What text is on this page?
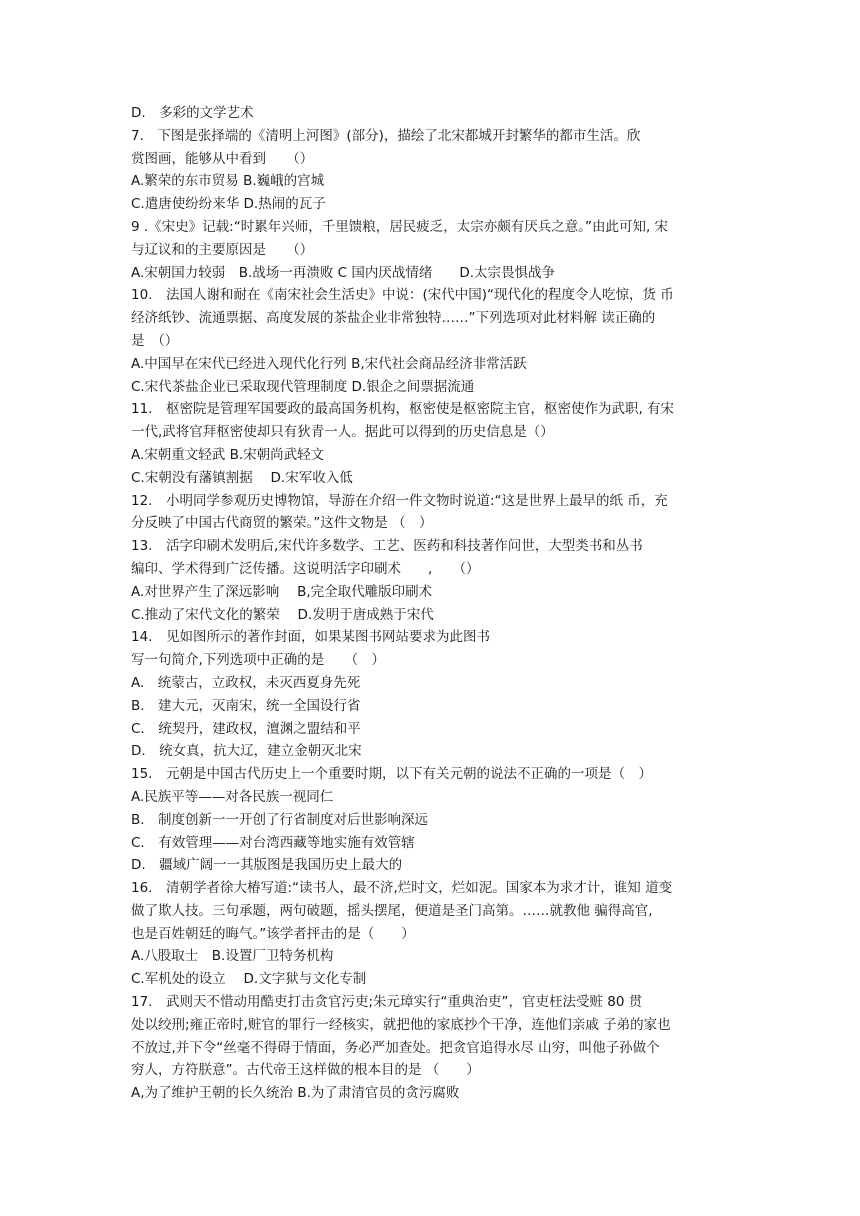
D.　多彩的文学艺术
7.　下图是张择端的《清明上河图》(部分)，描绘了北宋都城开封繁华的都市生活。欣
赏图画，能够从中看到　　（）
A.繁荣的东市贸易 B.巍峨的宫城
C.遣唐使纷纷来华 D.热闹的瓦子
9 .《宋史》记载:“时累年兴师，千里馈粮，居民疲乏，太宗亦颇有厌兵之意。”由此可知, 宋
与辽议和的主要原因是　　（）
A.宋朝国力较弱　B.战场一再溃败 C 国内厌战情绪　　D.太宗畏惧战争
10.　法国人谢和耐在《南宋社会生活史》中说：(宋代中国)“现代化的程度令人吃惊，货 币
经济纸钞、流通票据、高度发展的茶盐企业非常独特……”下列选项对此材料解 读正确的
是　（）
A.中国早在宋代已经进入现代化行列 B,宋代社会商品经济非常活跃
C.宋代茶盐企业已采取现代管理制度 D.银企之间票据流通
11.　枢密院是管理军国要政的最高国务机构，枢密使是枢密院主官，枢密使作为武职, 有宋
一代,武将官拜枢密使却只有狄青一人。据此可以得到的历史信息是（）
A.宋朝重文轻武 B.宋朝尚武轻文
C.宋朝没有藩镇割据　 D.宋军收入低
12.　小明同学参观历史博物馆，导游在介绍一件文物时说道:“这是世界上最早的纸 币，充
分反映了中国古代商贸的繁荣。”这件文物是 （　）
13.　活字印刷术发明后,宋代许多数学、工艺、医药和科技著作问世，大型类书和丛书
编印、学术得到广泛传播。这说明活字印刷术　　,　　（）
A.对世界产生了深远影响　 B,完全取代雕版印刷术
C.推动了宋代文化的繁荣　 D.发明于唐成熟于宋代
14.　见如图所示的著作封面，如果某图书网站要求为此图书
写一句简介,下列选项中正确的是　　（　）
A.　统蒙古，立政权，未灭西夏身先死
B.　建大元，灭南宋，统一全国设行省
C.　统契丹，建政权，澶渊之盟结和平
D.　统女真，抗大辽，建立金朝灭北宋
15.　元朝是中国古代历史上一个重要时期，以下有关元朝的说法不正确的一项是（　）
A.民族平等——对各民族一视同仁
B.　制度创新一一开创了行省制度对后世影响深远
C.　有效管理——对台湾西藏等地实施有效管辖
D.　疆域广阔一一其版图是我国历史上最大的
16.　清朝学者徐大椿写道:“读书人，最不济,烂时文，烂如泥。国家本为求才计，谁知 道变
做了欺人技。三句承题，两句破题，摇头摆尾，便道是圣门高第。……就教他 骗得高官,
也是百姓朝廷的晦气。”该学者抨击的是（　　）
A.八股取士　B.设置厂卫特务机构
C.军机处的设立　 D.文字狱与文化专制
17.　武则天不惜动用酷吏打击贪官污吏;朱元璋实行“重典治吏”，官吏枉法受赃 80 贯
处以绞刑;雍正帝时,赃官的罪行一经核实，就把他的家底抄个干净，连他们亲戚 子弟的家也
不放过,并下令“丝毫不得碍于情面，务必严加查处。把贪官追得水尽 山穷，叫他子孙做个
穷人，方符朕意”。古代帝王这样做的根本目的是 （　　）
A,为了维护王朝的长久统治 B.为了肃清官员的贪污腐败
